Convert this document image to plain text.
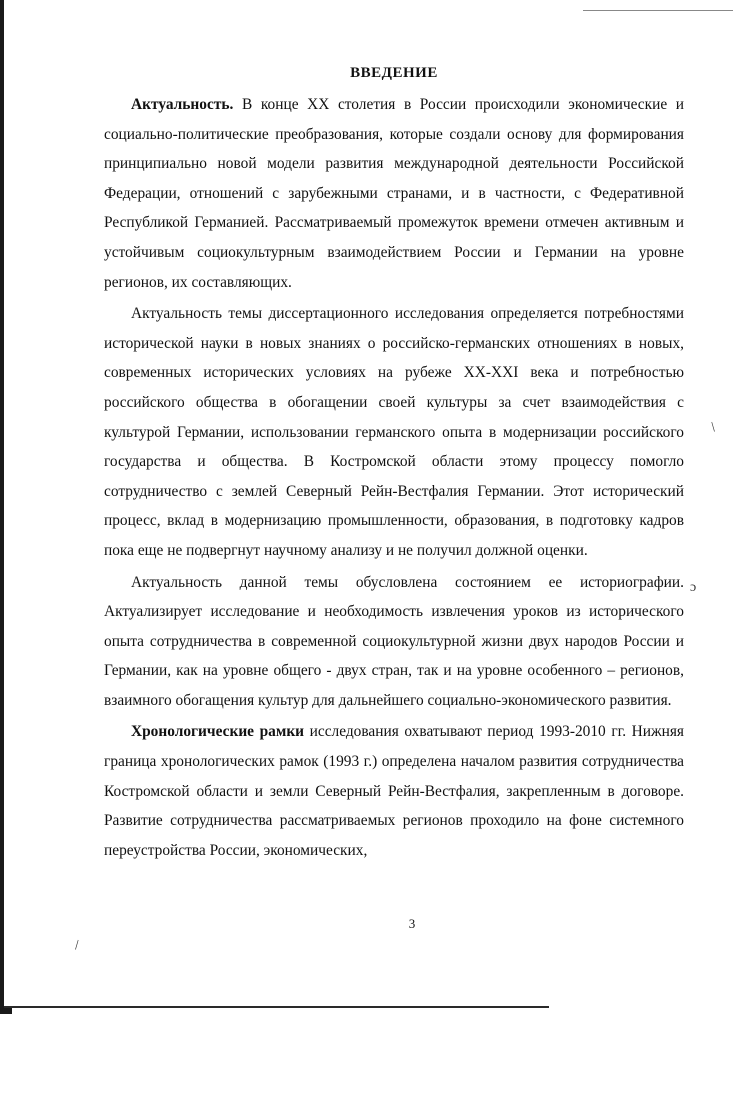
ɔ
/
\
ВВЕДЕНИЕ

Актуальность. В конце XX столетия в России происходили экономические и социально-политические преобразования, которые создали основу для формирования принципиально новой модели развития международной деятельности Российской Федерации, отношений с зарубежными странами, и в частности, с Федеративной Республикой Германией. Рассматриваемый промежуток времени отмечен активным и устойчивым социокультурным взаимодействием России и Германии на уровне регионов, их составляющих.

Актуальность темы диссертационного исследования определяется потребностями исторической науки в новых знаниях о российско-германских отношениях в новых, современных исторических условиях на рубеже XX-XXI века и потребностью российского общества в обогащении своей культуры за счет взаимодействия с культурой Германии, использовании германского опыта в модернизации российского государства и общества. В Костромской области этому процессу помогло сотрудничество с землей Северный Рейн-Вестфалия Германии. Этот исторический процесс, вклад в модернизацию промышленности, образования, в подготовку кадров пока еще не подвергнут научному анализу и не получил должной оценки.

Актуальность данной темы обусловлена состоянием ее историографии. Актуализирует исследование и необходимость извлечения уроков из исторического опыта сотрудничества в современной социокультурной жизни двух народов России и Германии, как на уровне общего - двух стран, так и на уровне особенного – регионов, взаимного обогащения культур для дальнейшего социально-экономического развития.

Хронологические рамки исследования охватывают период 1993-2010 гг. Нижняя граница хронологических рамок (1993 г.) определена началом развития сотрудничества Костромской области и земли Северный Рейн-Вестфалия, закрепленным в договоре. Развитие сотрудничества рассматриваемых регионов проходило на фоне системного переустройства России, экономических,

3
